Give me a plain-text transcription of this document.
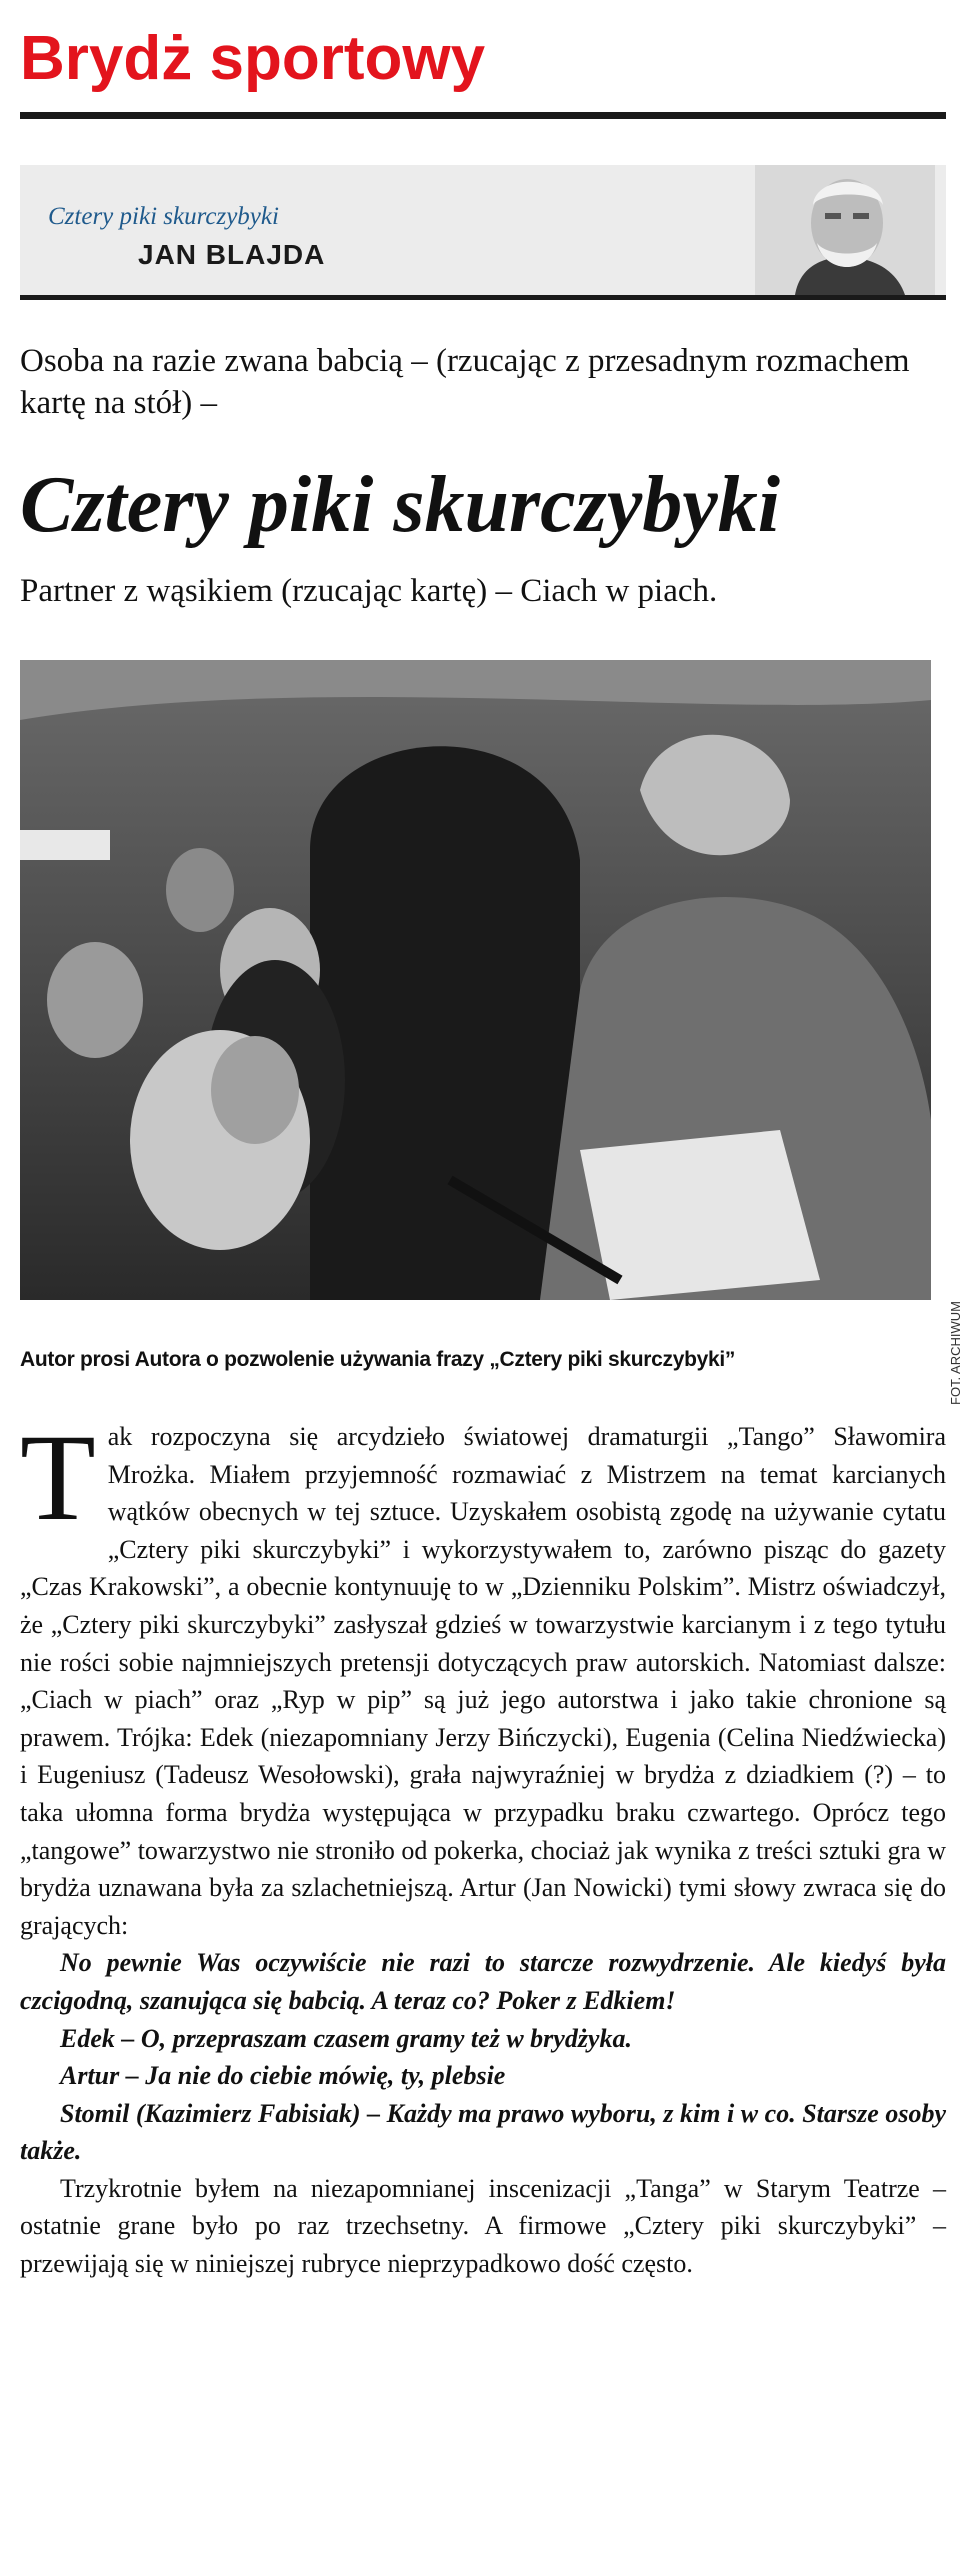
Brydż sportowy
Cztery piki skurczybyki
JAN BLAJDA

Osoba na razie zwana babcią – (rzucając z przesadnym rozmachem kartę na stół) –

Cztery piki skurczybyki

Partner z wąsikiem (rzucając kartę) – Ciach w piach.

FOT. ARCHIWUM

Autor prosi Autora o pozwolenie używania frazy „Cztery piki skurczybyki”

Tak rozpoczyna się arcydzieło światowej dramaturgii „Tango” Sławomira Mrożka. Miałem przyjemność rozmawiać z Mistrzem na temat karcianych wątków obecnych w tej sztuce. Uzyskałem osobistą zgodę na używanie cytatu „Cztery piki skurczybyki” i wykorzystywałem to, zarówno pisząc do gazety „Czas Krakowski”, a obecnie kontynuuję to w „Dzienniku Polskim”. Mistrz oświadczył, że „Cztery piki skurczybyki” zasłyszał gdzieś w towarzystwie karcianym i z tego tytułu nie rości sobie najmniejszych pretensji dotyczących praw autorskich. Natomiast dalsze: „Ciach w piach” oraz „Ryp w pip” są już jego autorstwa i jako takie chronione są prawem. Trójka: Edek (niezapomniany Jerzy Bińczycki), Eugenia (Celina Niedźwiecka) i Eugeniusz (Tadeusz Wesołowski), grała najwyraźniej w brydża z dziadkiem (?) – to taka ułomna forma brydża występująca w przypadku braku czwartego. Oprócz tego „tangowe” towarzystwo nie stroniło od pokerka, chociaż jak wynika z treści sztuki gra w brydża uznawana była za szlachetniejszą. Artur (Jan Nowicki) tymi słowy zwraca się do grających:

No pewnie Was oczywiście nie razi to starcze rozwydrzenie. Ale kiedyś była czcigodną, szanująca się babcią. A teraz co? Poker z Edkiem!

Edek – O, przepraszam czasem gramy też w brydżyka.

Artur – Ja nie do ciebie mówię, ty, plebsie

Stomil (Kazimierz Fabisiak) – Każdy ma prawo wyboru, z kim i w co. Starsze osoby także.

Trzykrotnie byłem na niezapomnianej inscenizacji „Tanga” w Starym Teatrze – ostatnie grane było po raz trzechsetny. A firmowe „Cztery piki skurczybyki” – przewijają się w niniejszej rubryce nieprzypadkowo dość często.
